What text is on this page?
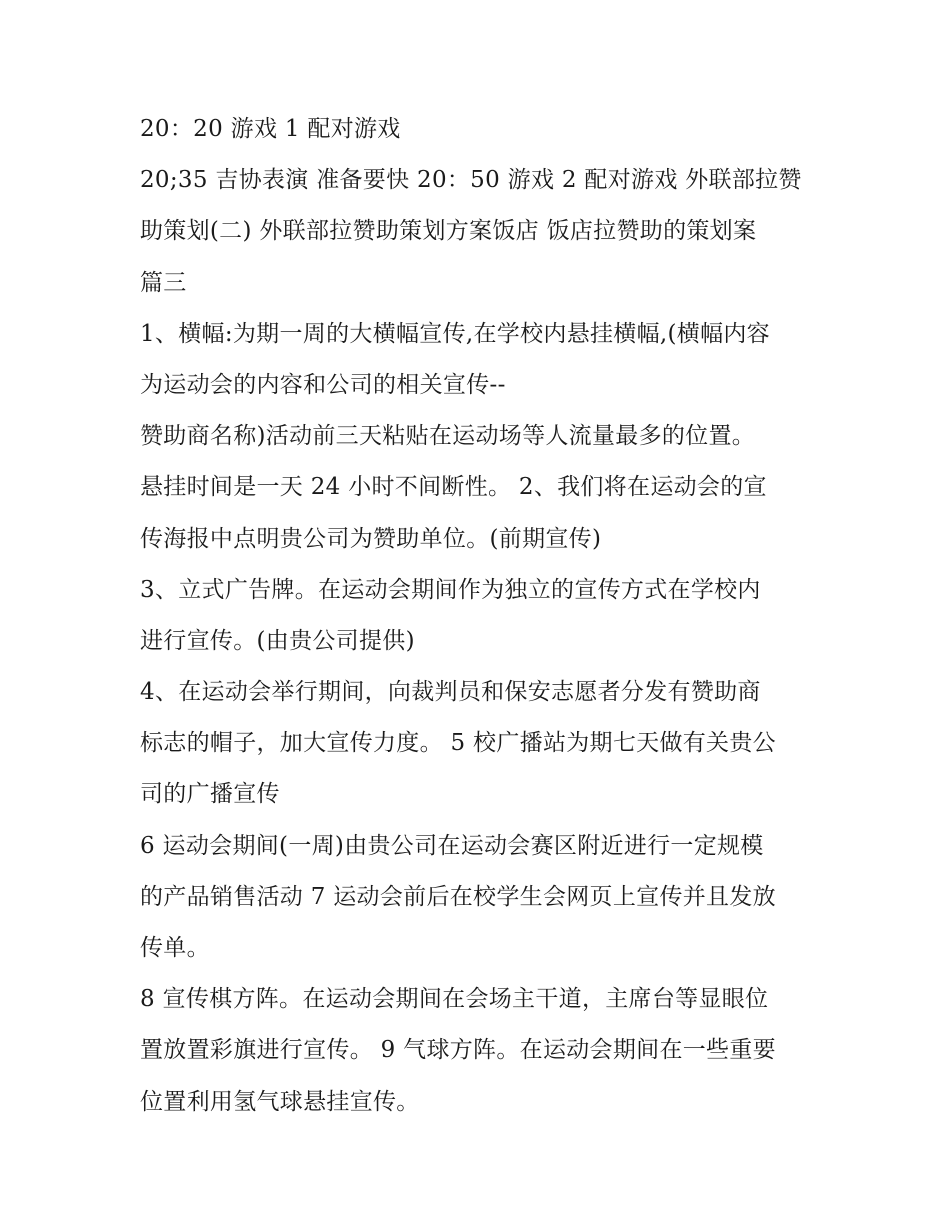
20：20 游戏 1 配对游戏
20;35 吉协表演 准备要快 20：50 游戏 2 配对游戏 外联部拉赞
助策划(二) 外联部拉赞助策划方案饭店 饭店拉赞助的策划案
篇三
1、横幅:为期一周的大横幅宣传,在学校内悬挂横幅,(横幅内容
为运动会的内容和公司的相关宣传--
赞助商名称)活动前三天粘贴在运动场等人流量最多的位置。
悬挂时间是一天 24 小时不间断性。 2、我们将在运动会的宣
传海报中点明贵公司为赞助单位。(前期宣传)
3、立式广告牌。在运动会期间作为独立的宣传方式在学校内
进行宣传。(由贵公司提供)
4、在运动会举行期间，向裁判员和保安志愿者分发有赞助商
标志的帽子，加大宣传力度。 5 校广播站为期七天做有关贵公
司的广播宣传
6 运动会期间(一周)由贵公司在运动会赛区附近进行一定规模
的产品销售活动 7 运动会前后在校学生会网页上宣传并且发放
传单。
8 宣传棋方阵。在运动会期间在会场主干道，主席台等显眼位
置放置彩旗进行宣传。 9 气球方阵。在运动会期间在一些重要
位置利用氢气球悬挂宣传。
